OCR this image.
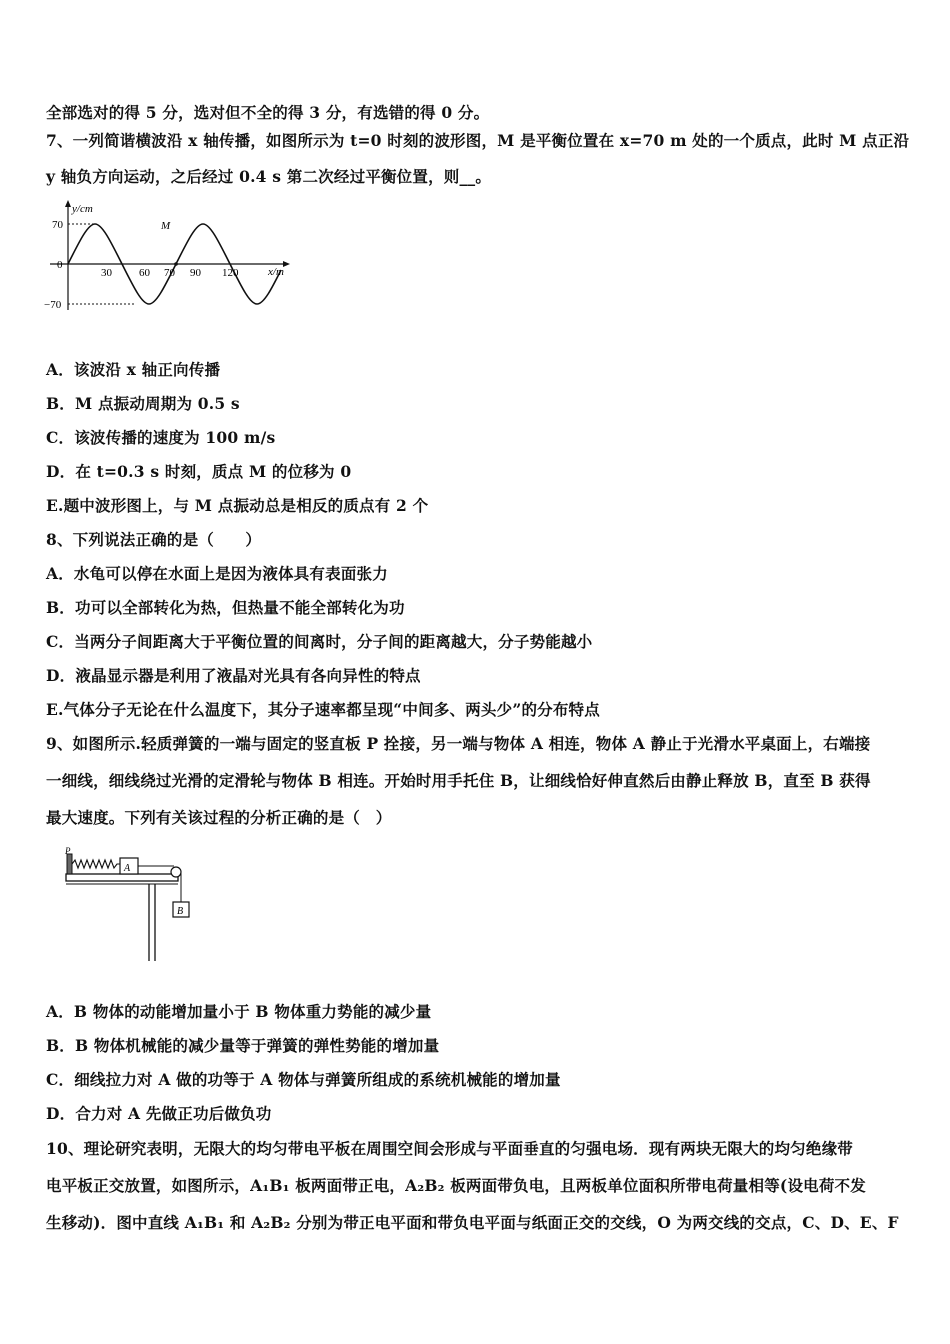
全部选对的得 5 分，选对但不全的得 3 分，有选错的得 0 分。
7、一列简谐横波沿 x 轴传播，如图所示为 t=0 时刻的波形图，M 是平衡位置在 x=70 m 处的一个质点，此时 M 点正沿
y 轴负方向运动，之后经过 0.4 s 第二次经过平衡位置，则__。
y/cm
x/m
70
0
−70
30 60 70 90 120
M
A．该波沿 x 轴正向传播
B．M 点振动周期为 0.5 s
C．该波传播的速度为 100 m/s
D．在 t=0.3 s 时刻，质点 M 的位移为 0
E.题中波形图上，与 M 点振动总是相反的质点有 2 个
8、下列说法正确的是（　　）
A．水龟可以停在水面上是因为液体具有表面张力
B．功可以全部转化为热，但热量不能全部转化为功
C．当两分子间距离大于平衡位置的间离时，分子间的距离越大，分子势能越小
D．液晶显示器是利用了液晶对光具有各向异性的特点
E.气体分子无论在什么温度下，其分子速率都呈现“中间多、两头少”的分布特点
9、如图所示.轻质弹簧的一端与固定的竖直板 P 拴接，另一端与物体 A 相连，物体 A 静止于光滑水平桌面上，右端接
一细线，细线绕过光滑的定滑轮与物体 B 相连。开始时用手托住 B，让细线恰好伸直然后由静止释放 B，直至 B 获得
最大速度。下列有关该过程的分析正确的是（　）
P
A
B
A．B 物体的动能增加量小于 B 物体重力势能的减少量
B．B 物体机械能的减少量等于弹簧的弹性势能的增加量
C．细线拉力对 A 做的功等于 A 物体与弹簧所组成的系统机械能的增加量
D．合力对 A 先做正功后做负功
10、理论研究表明，无限大的均匀带电平板在周围空间会形成与平面垂直的匀强电场．现有两块无限大的均匀绝缘带
电平板正交放置，如图所示，A₁B₁ 板两面带正电，A₂B₂ 板两面带负电，且两板单位面积所带电荷量相等(设电荷不发
生移动)．图中直线 A₁B₁ 和 A₂B₂ 分别为带正电平面和带负电平面与纸面正交的交线，O 为两交线的交点，C、D、E、F
